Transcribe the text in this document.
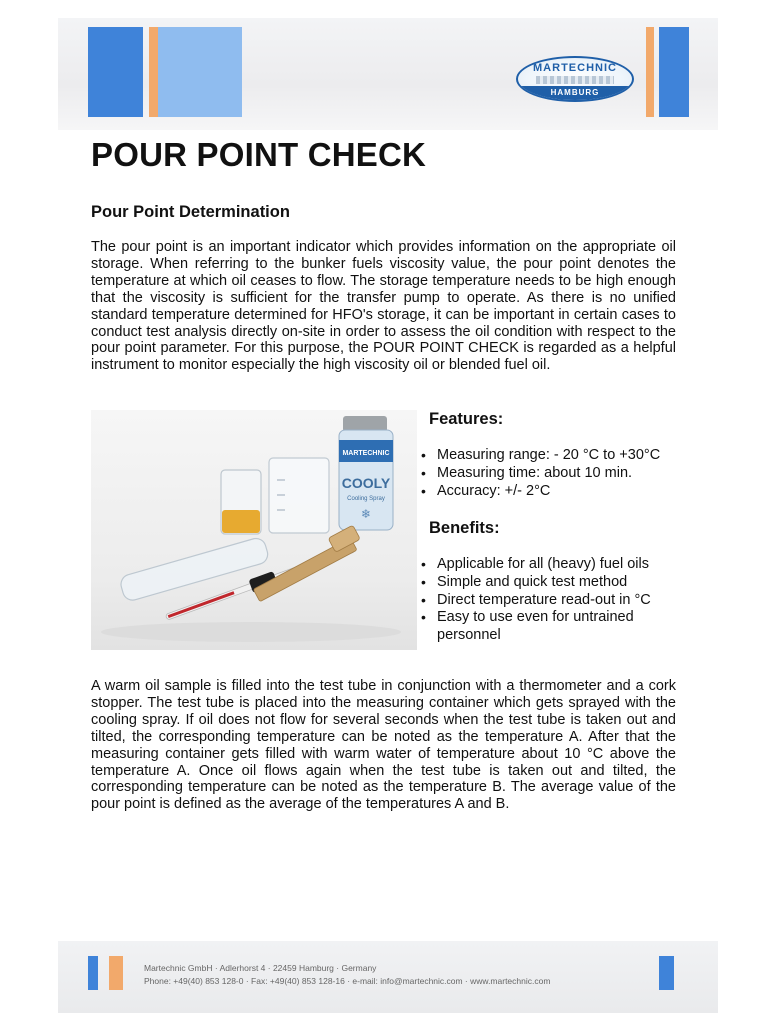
MARTECHNIC
HAMBURG
POUR POINT CHECK
Pour Point Determination

The pour point is an important indicator which provides information on the appropriate oil storage. When referring to the bunker fuels viscosity value, the pour point denotes the temperature at which oil ceases to flow. The storage temperature needs to be high enough that the viscosity is sufficient for the transfer pump to operate. As there is no unified standard temperature determined for HFO's storage, it can be important in certain cases to conduct test analysis directly on-site in order to assess the oil condition with respect to the pour point parameter. For this purpose, the POUR POINT CHECK is regarded as a helpful instrument to monitor especially the high viscosity oil or blended fuel oil.

MARTECHNIC
COOLY
Cooling Spray
❄
Features:
• Measuring range: - 20 °C to +30°C
• Measuring time: about 10 min.
• Accuracy: +/- 2°C
Benefits:
• Applicable for all (heavy) fuel oils
• Simple and quick test method
• Direct temperature read-out in °C
• Easy to use even for untrained personnel

A warm oil sample is filled into the test tube in conjunction with a thermometer and a cork stopper. The test tube is placed into the measuring container which gets sprayed with the cooling spray. If oil does not flow for several seconds when the test tube is taken out and tilted, the corresponding temperature can be noted as the temperature A. After that the measuring container gets filled with warm water of temperature about 10 °C above the temperature A. Once oil flows again when the test tube is taken out and tilted, the corresponding temperature can be noted as the temperature B. The average value of the pour point is defined as the average of the temperatures A and B.

Martechnic GmbH · Adlerhorst 4 · 22459 Hamburg · Germany

Phone: +49(40) 853 128-0 · Fax: +49(40) 853 128-16 · e-mail: info@martechnic.com · www.martechnic.com
